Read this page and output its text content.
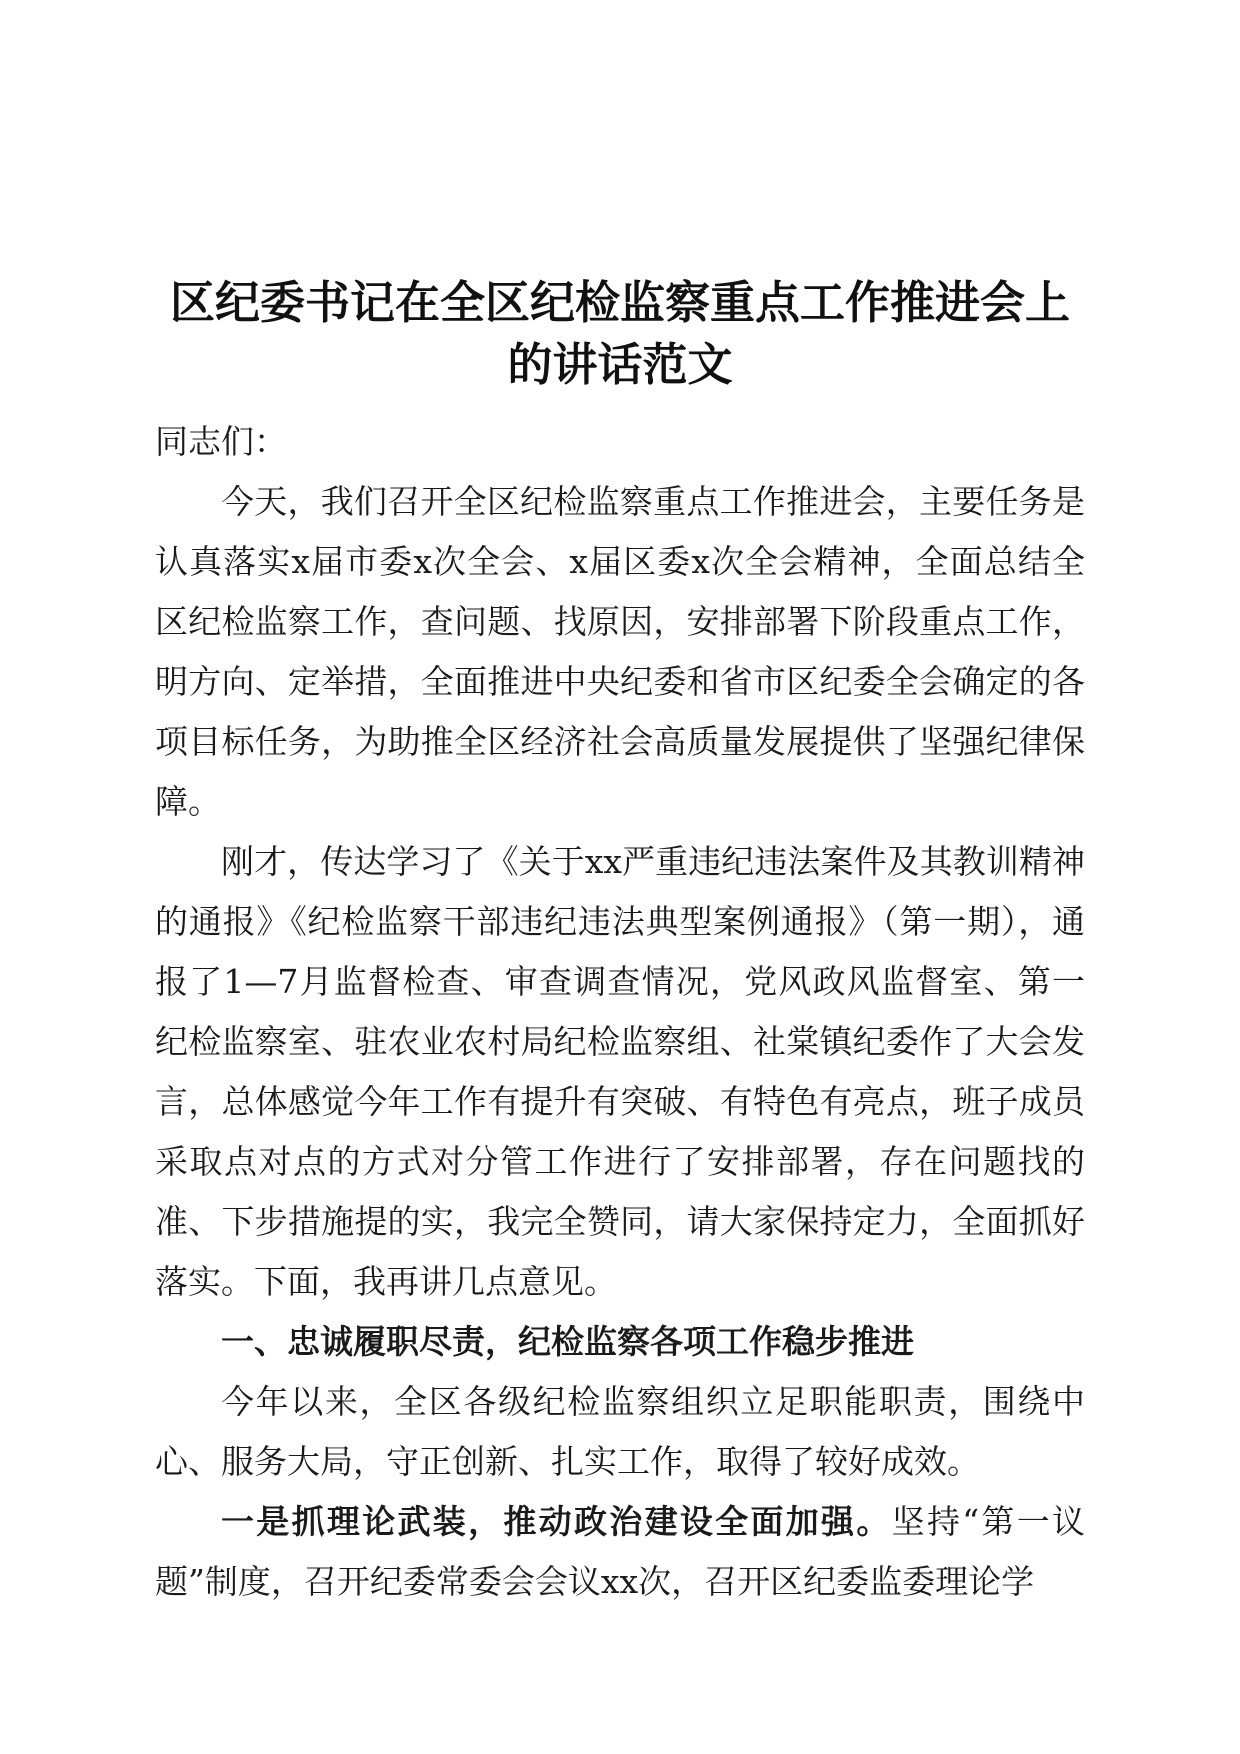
区纪委书记在全区纪检监察重点工作推进会上
的讲话范文

同志们：

今天，我们召开全区纪检监察重点工作推进会，主要任务是认真落实x届市委x次全会、x届区委x次全会精神，全面总结全区纪检监察工作，查问题、找原因，安排部署下阶段重点工作，明方向、定举措，全面推进中央纪委和省市区纪委全会确定的各项目标任务，为助推全区经济社会高质量发展提供了坚强纪律保障。

刚才，传达学习了《关于xx严重违纪违法案件及其教训精神的通报》《纪检监察干部违纪违法典型案例通报》（第一期），通报了1—7月监督检查、审查调查情况，党风政风监督室、第一纪检监察室、驻农业农村局纪检监察组、社棠镇纪委作了大会发言，总体感觉今年工作有提升有突破、有特色有亮点，班子成员采取点对点的方式对分管工作进行了安排部署，存在问题找的准、下步措施提的实，我完全赞同，请大家保持定力，全面抓好落实。下面，我再讲几点意见。

一、忠诚履职尽责，纪检监察各项工作稳步推进

今年以来，全区各级纪检监察组织立足职能职责，围绕中心、服务大局，守正创新、扎实工作，取得了较好成效。

一是抓理论武装，推动政治建设全面加强。坚持“第一议题”制度，召开纪委常委会会议xx次，召开区纪委监委理论学
